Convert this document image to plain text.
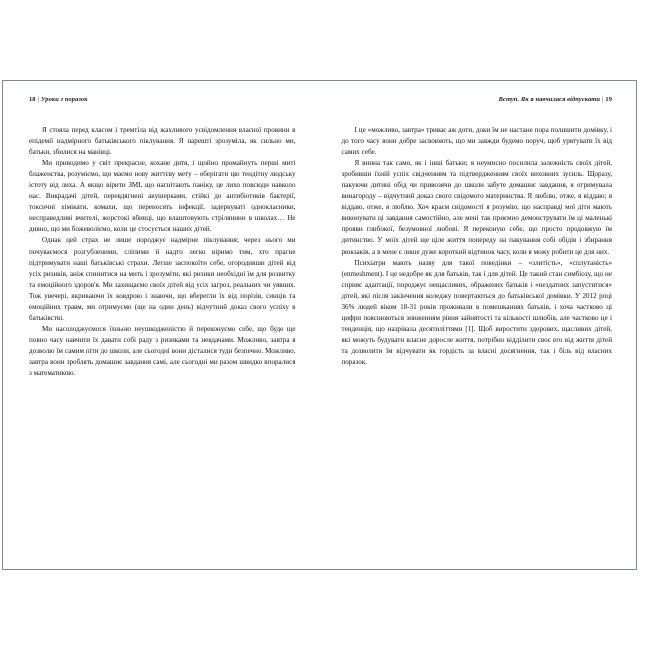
18 | Уроки з поразок

Я стояла перед класом і тремтіла від жахливого усвідомлення власної провини в епідемії надмірного батьківського піклування. Я нарешті зрозуміла, як сильно ми, батьки, збилися на манівці.

Ми приводимо у світ прекрасне, кохане дитя, і щойно промайнуть перші миті блаженства, розуміємо, що маємо нову життєву мету – оберігати цю тендітну людську істоту від лиха. А якщо вірити ЗМІ, що нагнітають паніку, це лихо повсюди навколо нас. Викрадачі дітей, перевдягнені акушерками, стійкі до антибіотиків бактерії, токсичні хімікати, комахи, що переносять інфекції, задеркуваті однокласники, несправедливі вчителі, жорстокі вбивці, що влаштовують стрілянини в школах… Не дивно, що ми божеволіємо, коли це стосується наших дітей.

Однак цей страх не лише породжує надмірне піклування; через нього ми почуваємося розгубленими, сліпими й надто легко віримо тим, хто прагне підтримувати наші батьківські страхи. Легше заспокоїти себе, огородивши дітей від усіх ризиків, аніж спинитися на мить і зрозуміти, які ризики необхідні їм для розвитку та емоційного здоров'я. Ми захищаємо своїх дітей від усіх загроз, реальних чи уявних. Тож увечері, вкриваючи їх ковдрою і знаючи, що вберегли їх від порізів, синців та емоційних травм, ми отримуємо (ще на один день) відчутний доказ свого успіху в батьківстві.

Ми насолоджуємося їхньою неушкодженістю й переконуємо себе, що буде ще повно часу навчити їх давати собі раду з ризиками та невдачами. Можливо, завтра я дозволю їм самим піти до школи, але сьогодні вони дісталися туди безпечно. Можливо, завтра вони зроблять домашнє завдання самі, але сьогодні ми разом швидко впоралися з математикою.

Вступ. Як я навчилася відпускати | 19

І це «можливо, завтра» триває аж доти, доки їм не настане пора полишити домівку, і до того часу вони добре засвоюють, що ми завжди будемо поруч, щоб урятувати їх від самих себе.

Я винна так само, як і інші батьки; я неумисно посилила залежність своїх дітей, зробивши їхній успіх свідченням та підтвердженням своїх виховних зусиль. Щоразу, пакуючи дитині обід чи привозячи до школи забуте домашнє завдання, я отримувала винагороду – відчутний доказ свого свідомого материнства. Я люблю, отже, я віддаю; я віддаю, отже, я люблю. Хоч краєм свідомості я розумію, що насправді мої діти мають виконувати ці завдання самостійно, але мені так приємно демонструвати їм ці маленькі прояви глибокої, безумовної любові. Я переконую себе, що просто продовжую їм дитинство. У моїх дітей ще ціле життя попереду на пакування собі обідів і збирання рюкзаків, а в мене є лише дуже короткий відтинок часу, коли я можу робити це для них.

Психіатри мають назву для такої поведінки – «злитість», «сплутаність» (enmeshment). І це недобре як для батьків, так і для дітей. Це такий стан симбіозу, що не сприяє адаптації, породжує нещасливих, ображених батьків і «нездатних запуститися» дітей, які після закінчення коледжу повертаються до батьківської домівки. У 2012 році 36% людей віком 18-31 років проживали в помешканнях батьків, і хоча частково ці цифри пояснюються зниженням рівня зайнятості та кількості шлюбів, але частково це і тенденція, що назрівала десятиліттями [1]. Щоб виростити здорових, щасливих дітей, які можуть будувати власне доросле життя, потрібно відділити своє его від життя дітей та дозволити їм відчувати як гордість за власні досягнення, так і біль від власних поразок.
